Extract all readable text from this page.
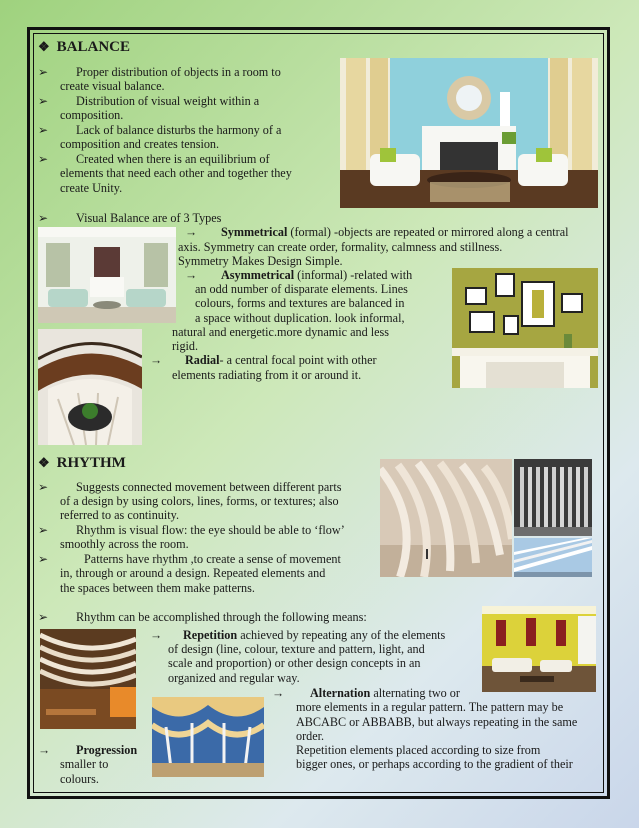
❖ BALANCE
➢
➢
➢
➢
Proper distribution of objects in a room to
create visual balance.
Distribution of visual weight within a
composition.
Lack of balance disturbs the harmony of a
composition and creates tension.
Created when there is an equilibrium of
elements that need each other and together they
create Unity.
➢ Visual Balance are of 3 Types
→ Symmetrical (formal) -objects are repeated or mirrored along a central
axis. Symmetry can create order, formality, calmness and stillness.
Symmetry Makes Design Simple.
→ Asymmetrical (informal) -related with
an odd number of disparate elements. Lines
colours, forms and textures are balanced in
a space without duplication. look informal,
natural and energetic.more dynamic and less
rigid.
→ Radial- a central focal point with other
elements radiating from it or around it.
❖ RHYTHM
➢ Suggests connected movement between different parts
of a design by using colors, lines, forms, or textures; also
referred to as continuity.
➢ Rhythm is visual flow: the eye should be able to ‘flow’
smoothly across the room.
➢	Patterns have rhythm ,to create a sense of movement
in, through or around a design. Repeated elements and
the spaces between them make patterns.
➢ Rhythm can be accomplished through the following means:
→ Repetition achieved by repeating any of the elements
of design (line, colour, texture and pattern, light, and
scale and proportion) or other design concepts in an
organized and regular way.
→ Alternation alternating two or
more elements in a regular pattern. The pattern may be
ABCABC or ABBABB, but always repeating in the same
order.
Repetition elements placed according to size from
bigger ones, or perhaps according to the gradient of their
→ Progression
smaller to
colours.
